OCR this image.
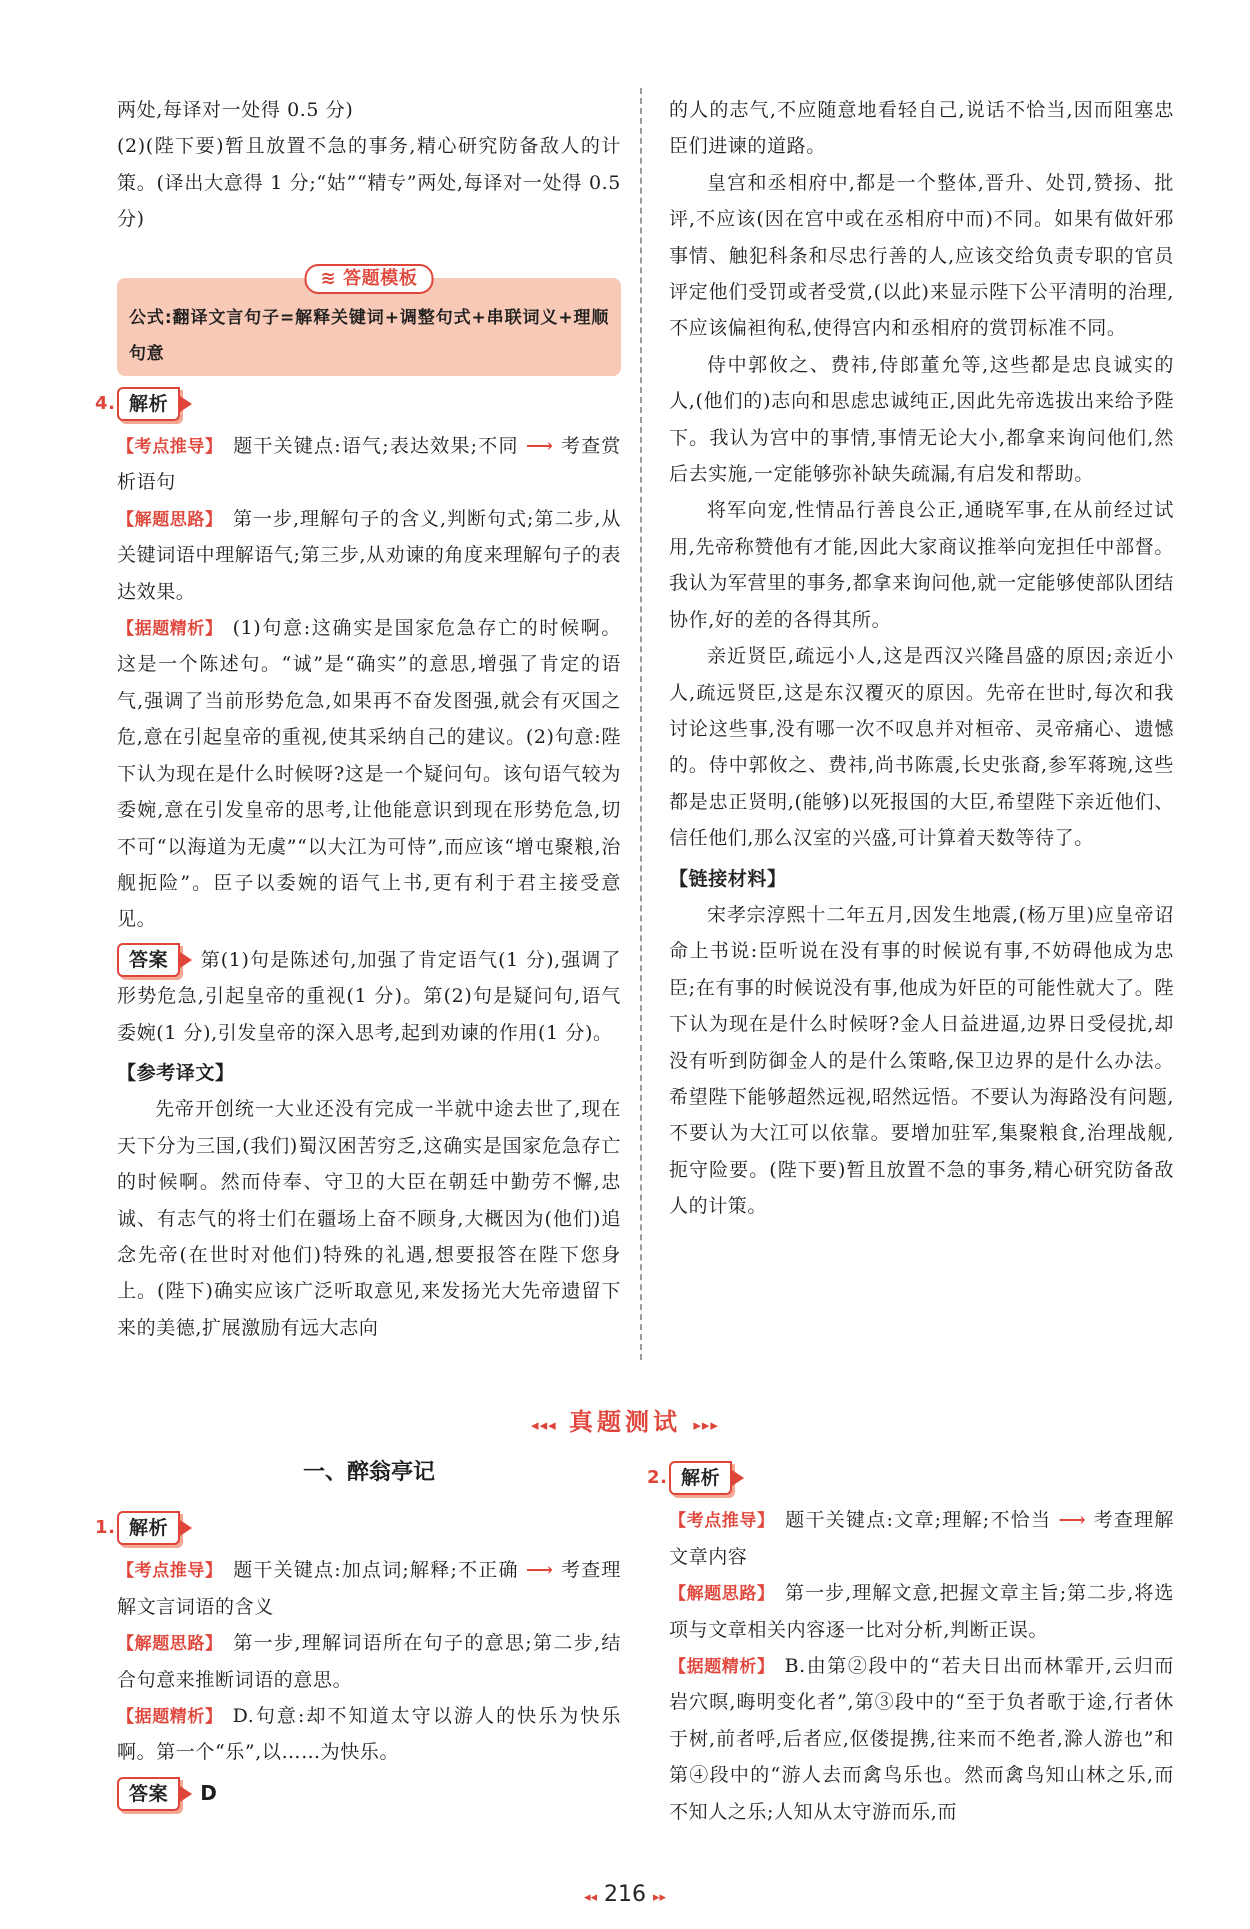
两处,每译对一处得 0.5 分)

(2)(陛下要)暂且放置不急的事务,精心研究防备敌人的计策。(译出大意得 1 分;“姑”“精专”两处,每译对一处得 0.5 分)

≋ 答题模板
公式:翻译文言句子=解释关键词+调整句式+串联词义+理顺句意
4. 解析

【考点推导】 题干关键点:语气;表达效果;不同 ⟶ 考查赏析语句

【解题思路】 第一步,理解句子的含义,判断句式;第二步,从关键词语中理解语气;第三步,从劝谏的角度来理解句子的表达效果。

【据题精析】 (1)句意:这确实是国家危急存亡的时候啊。这是一个陈述句。“诚”是“确实”的意思,增强了肯定的语气,强调了当前形势危急,如果再不奋发图强,就会有灭国之危,意在引起皇帝的重视,使其采纳自己的建议。(2)句意:陛下认为现在是什么时候呀?这是一个疑问句。该句语气较为委婉,意在引发皇帝的思考,让他能意识到现在形势危急,切不可“以海道为无虞”“以大江为可恃”,而应该“增屯聚粮,治舰扼险”。臣子以委婉的语气上书,更有利于君主接受意见。

答案 第(1)句是陈述句,加强了肯定语气(1 分),强调了形势危急,引起皇帝的重视(1 分)。第(2)句是疑问句,语气委婉(1 分),引发皇帝的深入思考,起到劝谏的作用(1 分)。

【参考译文】

先帝开创统一大业还没有完成一半就中途去世了,现在天下分为三国,(我们)蜀汉困苦穷乏,这确实是国家危急存亡的时候啊。然而侍奉、守卫的大臣在朝廷中勤劳不懈,忠诚、有志气的将士们在疆场上奋不顾身,大概因为(他们)追念先帝(在世时对他们)特殊的礼遇,想要报答在陛下您身上。(陛下)确实应该广泛听取意见,来发扬光大先帝遗留下来的美德,扩展激励有远大志向

的人的志气,不应随意地看轻自己,说话不恰当,因而阻塞忠臣们进谏的道路。

皇宫和丞相府中,都是一个整体,晋升、处罚,赞扬、批评,不应该(因在宫中或在丞相府中而)不同。如果有做奸邪事情、触犯科条和尽忠行善的人,应该交给负责专职的官员评定他们受罚或者受赏,(以此)来显示陛下公平清明的治理,不应该偏袒徇私,使得宫内和丞相府的赏罚标准不同。

侍中郭攸之、费祎,侍郎董允等,这些都是忠良诚实的人,(他们的)志向和思虑忠诚纯正,因此先帝选拔出来给予陛下。我认为宫中的事情,事情无论大小,都拿来询问他们,然后去实施,一定能够弥补缺失疏漏,有启发和帮助。

将军向宠,性情品行善良公正,通晓军事,在从前经过试用,先帝称赞他有才能,因此大家商议推举向宠担任中部督。我认为军营里的事务,都拿来询问他,就一定能够使部队团结协作,好的差的各得其所。

亲近贤臣,疏远小人,这是西汉兴隆昌盛的原因;亲近小人,疏远贤臣,这是东汉覆灭的原因。先帝在世时,每次和我讨论这些事,没有哪一次不叹息并对桓帝、灵帝痛心、遗憾的。侍中郭攸之、费祎,尚书陈震,长史张裔,参军蒋琬,这些都是忠正贤明,(能够)以死报国的大臣,希望陛下亲近他们、信任他们,那么汉室的兴盛,可计算着天数等待了。

【链接材料】

宋孝宗淳熙十二年五月,因发生地震,(杨万里)应皇帝诏命上书说:臣听说在没有事的时候说有事,不妨碍他成为忠臣;在有事的时候说没有事,他成为奸臣的可能性就大了。陛下认为现在是什么时候呀?金人日益进逼,边界日受侵扰,却没有听到防御金人的是什么策略,保卫边界的是什么办法。希望陛下能够超然远视,昭然远悟。不要认为海路没有问题,不要认为大江可以依靠。要增加驻军,集聚粮食,治理战舰,扼守险要。(陛下要)暂且放置不急的事务,精心研究防备敌人的计策。

◂◂◂ 真题测试 ▸▸▸
一、醉翁亭记
1. 解析

【考点推导】 题干关键点:加点词;解释;不正确 ⟶ 考查理解文言词语的含义

【解题思路】 第一步,理解词语所在句子的意思;第二步,结合句意来推断词语的意思。

【据题精析】 D.句意:却不知道太守以游人的快乐为快乐啊。第一个“乐”,以……为快乐。

答案 D

2. 解析

【考点推导】 题干关键点:文章;理解;不恰当 ⟶ 考查理解文章内容

【解题思路】 第一步,理解文意,把握文章主旨;第二步,将选项与文章相关内容逐一比对分析,判断正误。

【据题精析】 B.由第②段中的“若夫日出而林霏开,云归而岩穴暝,晦明变化者”,第③段中的“至于负者歌于途,行者休于树,前者呼,后者应,伛偻提携,往来而不绝者,滁人游也”和第④段中的“游人去而禽鸟乐也。然而禽鸟知山林之乐,而不知人之乐;人知从太守游而乐,而

◂◂ 216 ▸▸
